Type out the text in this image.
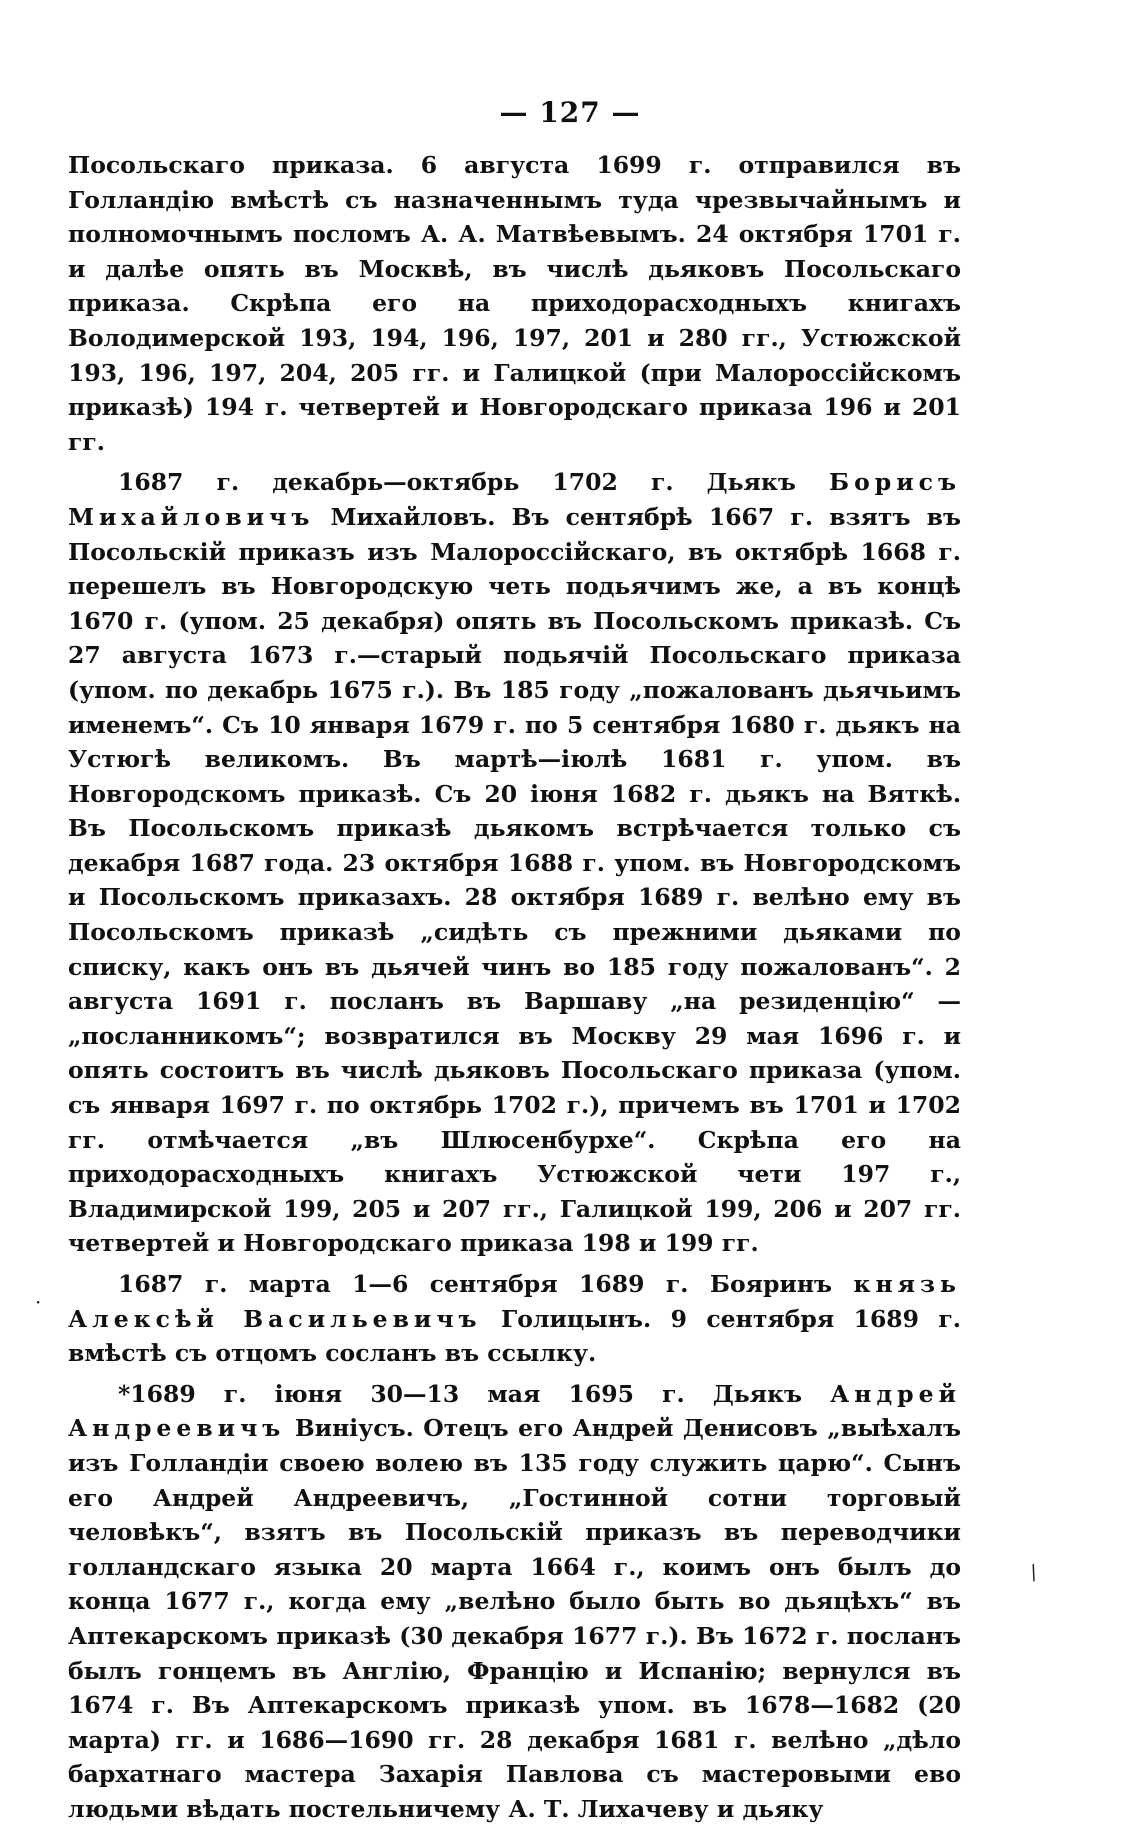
— 127 —

Посольскаго приказа. 6 августа 1699 г. отправился въ Голландію вмѣстѣ съ назначеннымъ туда чрезвычайнымъ и полномочнымъ посломъ А. А. Матвѣевымъ. 24 октября 1701 г. и далѣе опять въ Москвѣ, въ числѣ дьяковъ Посольскаго приказа. Скрѣпа его на приходорасходныхъ книгахъ Володимерской 193, 194, 196, 197, 201 и 280 гг., Устюжской 193, 196, 197, 204, 205 гг. и Галицкой (при Малороссійскомъ приказѣ) 194 г. четвертей и Новгородскаго приказа 196 и 201 гг.

1687 г. декабрь—октябрь 1702 г. Дьякъ Борисъ Михайловичъ Михайловъ. Въ сентябрѣ 1667 г. взятъ въ Посольскій приказъ изъ Малороссійскаго, въ октябрѣ 1668 г. перешелъ въ Новгородскую четь подьячимъ же, а въ концѣ 1670 г. (упом. 25 декабря) опять въ Посольскомъ приказѣ. Съ 27 августа 1673 г.—старый подьячій Посольскаго приказа (упом. по декабрь 1675 г.). Въ 185 году „пожалованъ дьячьимъ именемъ“. Съ 10 января 1679 г. по 5 сентября 1680 г. дьякъ на Устюгѣ великомъ. Въ мартѣ—іюлѣ 1681 г. упом. въ Новгородскомъ приказѣ. Съ 20 іюня 1682 г. дьякъ на Вяткѣ. Въ Посольскомъ приказѣ дьякомъ встрѣчается только съ декабря 1687 года. 23 октября 1688 г. упом. въ Новгородскомъ и Посольскомъ приказахъ. 28 октября 1689 г. велѣно ему въ Посольскомъ приказѣ „сидѣть съ прежними дьяками по списку, какъ онъ въ дьячей чинъ во 185 году пожалованъ“. 2 августа 1691 г. посланъ въ Варшаву „на резиденцію“ — „посланникомъ“; возвратился въ Москву 29 мая 1696 г. и опять состоитъ въ числѣ дьяковъ Посольскаго приказа (упом. съ января 1697 г. по октябрь 1702 г.), причемъ въ 1701 и 1702 гг. отмѣчается „въ Шлюсенбурхе“. Скрѣпа его на приходорасходныхъ книгахъ Устюжской чети 197 г., Владимирской 199, 205 и 207 гг., Галицкой 199, 206 и 207 гг. четвертей и Новгородскаго приказа 198 и 199 гг.

1687 г. марта 1—6 сентября 1689 г. Бояринъ князь Алексѣй Васильевичъ Голицынъ. 9 сентября 1689 г. вмѣстѣ съ отцомъ сосланъ въ ссылку.

*1689 г. іюня 30—13 мая 1695 г. Дьякъ Андрей Андреевичъ Виніусъ. Отецъ его Андрей Денисовъ „выѣхалъ изъ Голландіи своею волею въ 135 году служить царю“. Сынъ его Андрей Андреевичъ, „Гостинной сотни торговый человѣкъ“, взятъ въ Посольскій приказъ въ переводчики голландскаго языка 20 марта 1664 г., коимъ онъ былъ до конца 1677 г., когда ему „велѣно было быть во дьяцѣхъ“ въ Аптекарскомъ приказѣ (30 декабря 1677 г.). Въ 1672 г. посланъ былъ гонцемъ въ Англію, Францію и Испанію; вернулся въ 1674 г. Въ Аптекарскомъ приказѣ упом. въ 1678—1682 (20 марта) гг. и 1686—1690 гг. 28 декабря 1681 г. велѣно „дѣло бархатнаго мастера Захарія Павлова съ мастеровыми ево людьми вѣдать постельничему А. Т. Лихачеву и дьяку

·
/
